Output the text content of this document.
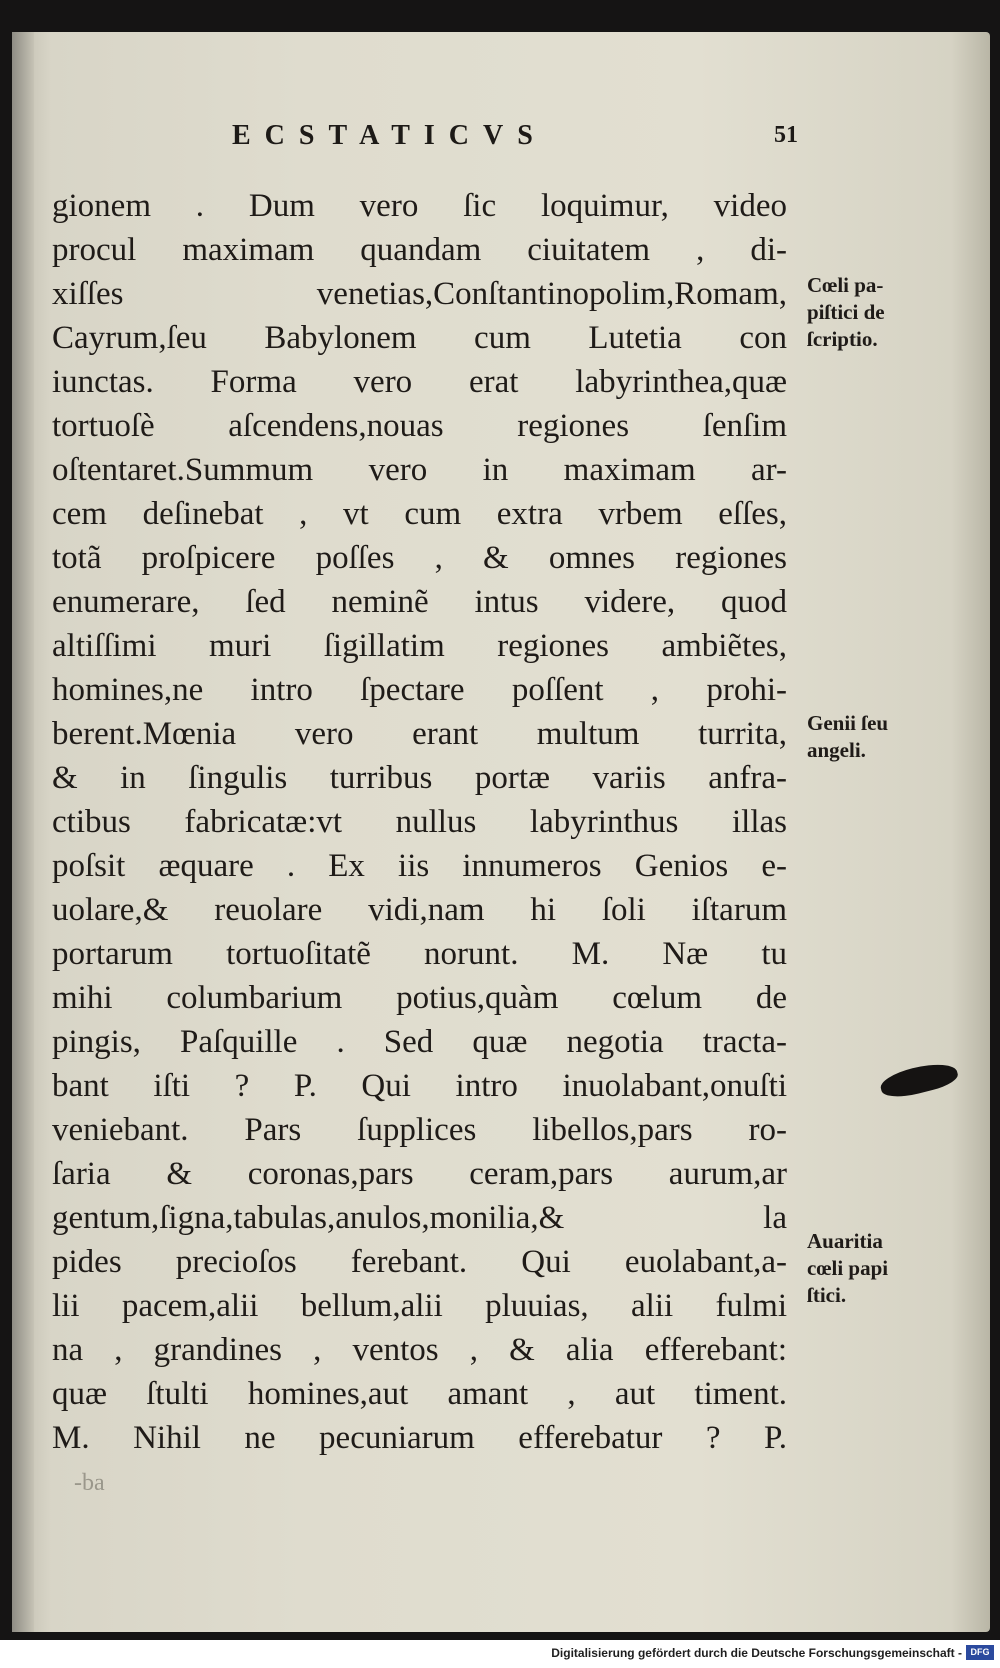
ECSTATICVS	51
gionem . Dum vero ſic loquimur, video
procul maximam quandam ciuitatem , di-
xiſſes venetias,Conſtantinopolim,Romam,
Cayrum,ſeu Babylonem cum Lutetia con
iunctas. Forma vero erat labyrinthea,quæ
tortuoſè aſcendens,nouas regiones ſenſim
oſtentaret.Summum vero in maximam ar-
cem deſinebat , vt cum extra vrbem eſſes,
totã proſpicere poſſes , & omnes regiones
enumerare, ſed neminẽ intus videre, quod
altiſſimi muri ſigillatim regiones ambiẽtes,
homines,ne intro ſpectare poſſent , prohi-
berent.Mœnia vero erant multum turrita,
& in ſingulis turribus portæ variis anfra-
ctibus fabricatæ:vt nullus labyrinthus illas
poſsit æquare . Ex iis innumeros Genios e-
uolare,& reuolare vidi,nam hi ſoli iſtarum
portarum tortuoſitatẽ norunt. M. Næ tu
mihi columbarium potius,quàm cœlum de
pingis, Paſquille . Sed quæ negotia tracta-
bant iſti ? P. Qui intro inuolabant,onuſti
veniebant. Pars ſupplices libellos,pars ro-
ſaria & coronas,pars ceram,pars aurum,ar
gentum,ſigna,tabulas,anulos,monilia,& la
pides precioſos ferebant. Qui euolabant,a-
lii pacem,alii bellum,alii pluuias, alii fulmi
na , grandines , ventos , & alia efferebant:
quæ ſtulti homines,aut amant , aut timent.
M. Nihil ne pecuniarum efferebatur ? P.
Cœli pa-
piſtici de
ſcriptio.
Genii ſeu
angeli.
Auaritia
cœli papi
ſtici.
-ba
Digitalisierung gefördert durch die Deutsche Forschungsgemeinschaft - DFG
